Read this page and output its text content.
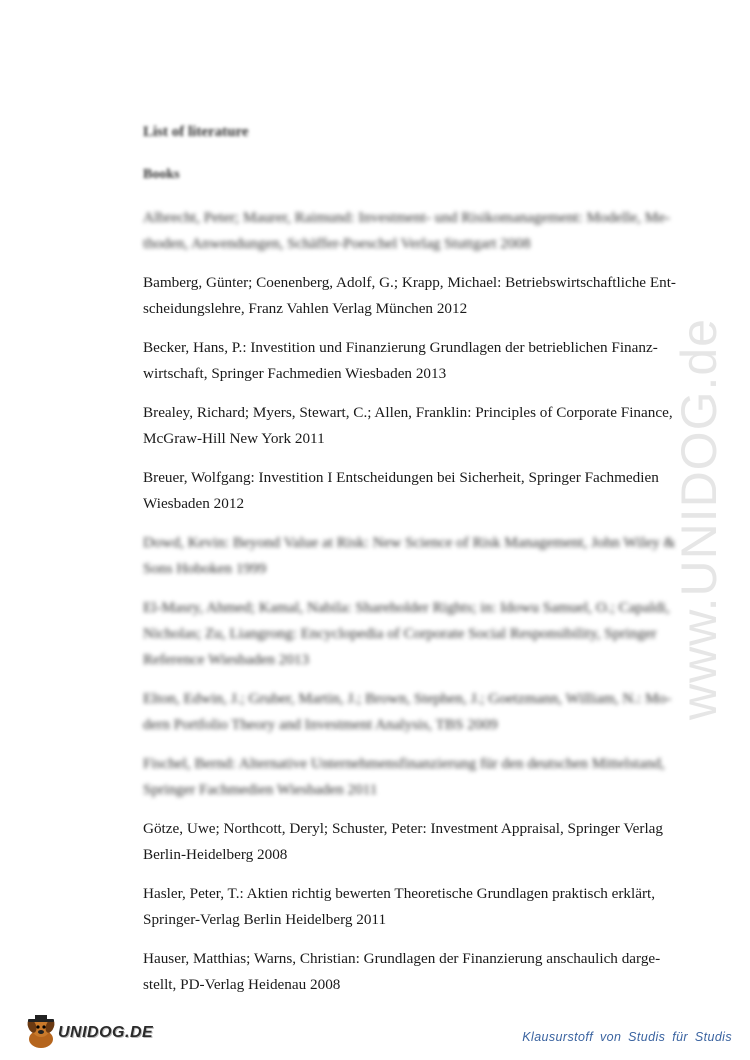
www.UNIDOG.de
List of literature
Books
Albrecht, Peter; Maurer, Raimund: Investment- und Risikomanagement: Modelle, Me-
thoden, Anwendungen, Schäffer-Poeschel Verlag Stuttgart 2008
Bamberg, Günter; Coenenberg, Adolf, G.; Krapp, Michael: Betriebswirtschaftliche Ent-
scheidungslehre, Franz Vahlen Verlag München 2012
Becker, Hans, P.: Investition und Finanzierung Grundlagen der betrieblichen Finanz-
wirtschaft, Springer Fachmedien Wiesbaden 2013
Brealey, Richard; Myers, Stewart, C.; Allen, Franklin: Principles of Corporate Finance,
McGraw-Hill New York 2011
Breuer, Wolfgang: Investition I Entscheidungen bei Sicherheit, Springer Fachmedien
Wiesbaden 2012
Dowd, Kevin: Beyond Value at Risk: New Science of Risk Management, John Wiley &
Sons Hoboken 1999
El-Masry, Ahmed; Kamal, Nabila: Shareholder Rights; in: Idowu Samuel, O.; Capaldi,
Nicholas; Zu, Liangrong: Encyclopedia of Corporate Social Responsibility, Springer
Reference Wiesbaden 2013
Elton, Edwin, J.; Gruber, Martin, J.; Brown, Stephen, J.; Goetzmann, William, N.: Mo-
dern Portfolio Theory and Investment Analysis, TBS 2009
Fischel, Bernd: Alternative Unternehmensfinanzierung für den deutschen Mittelstand,
Springer Fachmedien Wiesbaden 2011
Götze, Uwe; Northcott, Deryl; Schuster, Peter: Investment Appraisal, Springer Verlag
Berlin-Heidelberg 2008
Hasler, Peter, T.: Aktien richtig bewerten Theoretische Grundlagen praktisch erklärt,
Springer-Verlag Berlin Heidelberg 2011
Hauser, Matthias; Warns, Christian: Grundlagen der Finanzierung anschaulich darge-
stellt, PD-Verlag Heidenau 2008
UNIDOG.DE	Klausurstoff von Studis für Studis
